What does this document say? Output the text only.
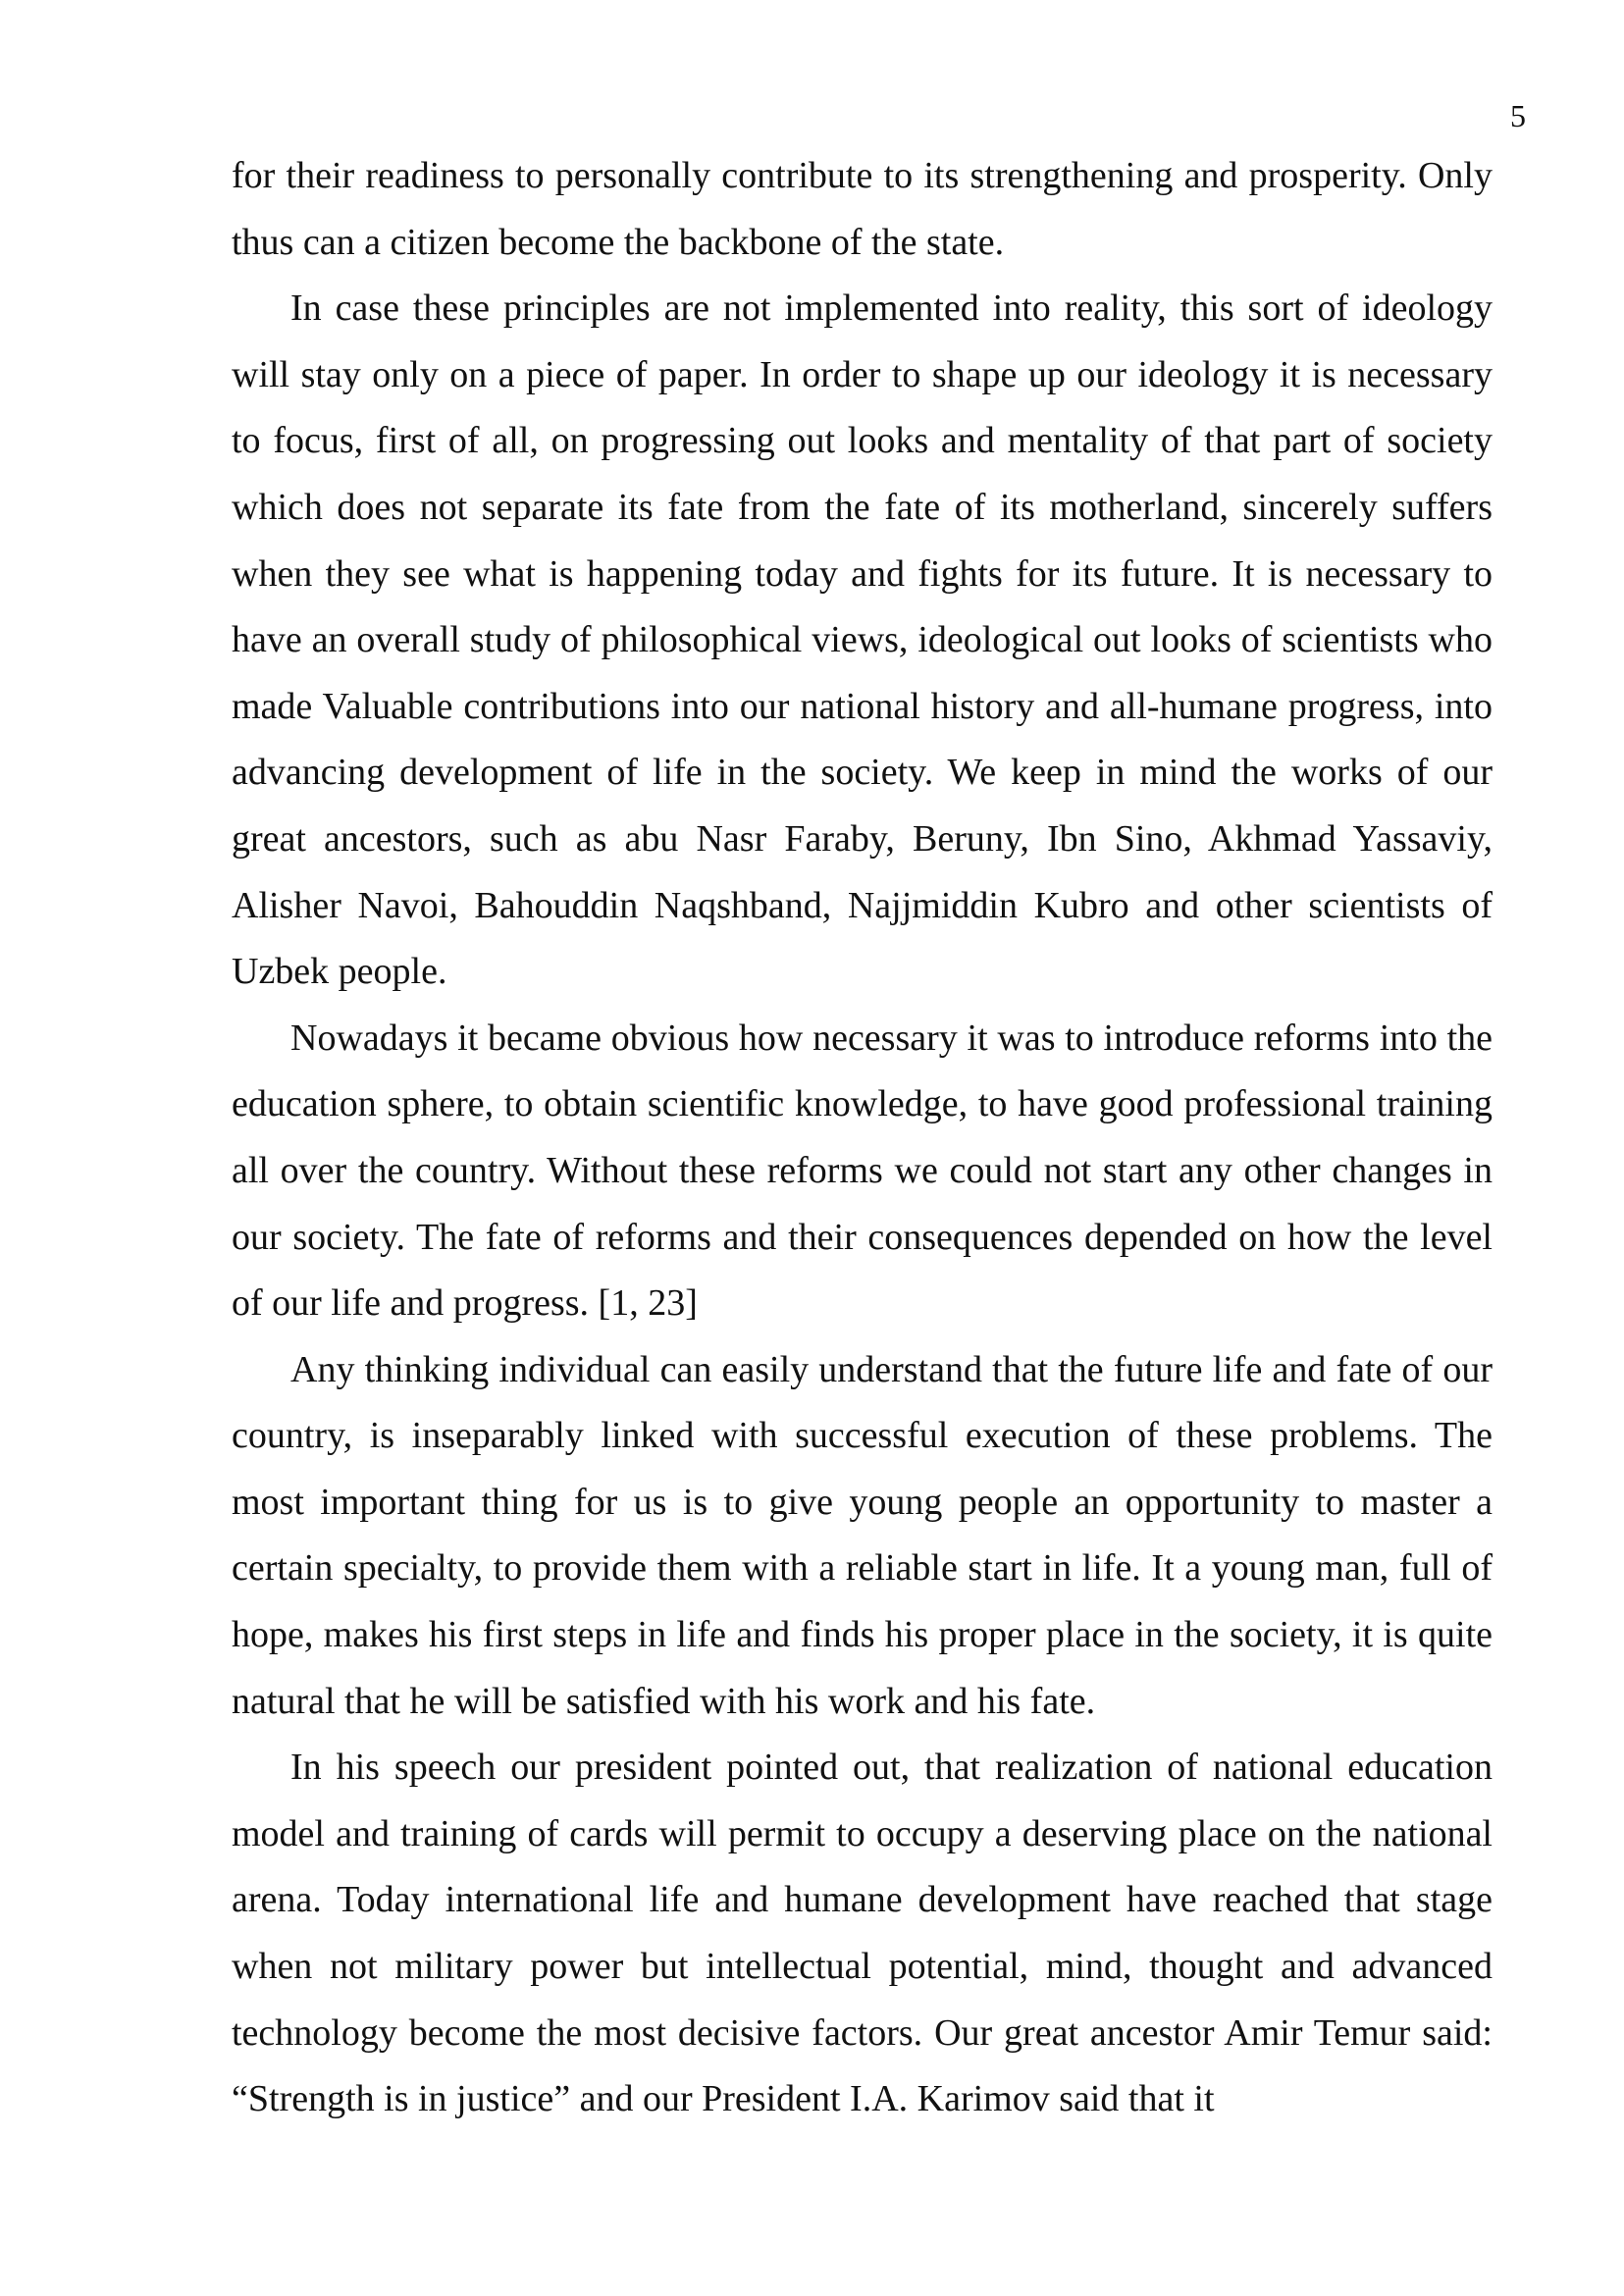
5

for their readiness to personally contribute to its strengthening and prosperity. Only thus can a citizen become the backbone of the state.

In case these principles are not implemented into reality, this sort of ideology will stay only on a piece of paper. In order to shape up our ideology it is necessary to focus, first of all, on progressing out looks and mentality of that part of society which does not separate its fate from the fate of its motherland, sincerely suffers when they see what is happening today and fights for its future. It is necessary to have an overall study of philosophical views, ideological out looks of scientists who made Valuable contributions into our national history and all-humane progress, into advancing development of life in the society. We keep in mind the works of our great ancestors, such as abu Nasr Faraby, Beruny, Ibn Sino, Akhmad Yassaviy, Alisher Navoi, Bahouddin Naqshband, Najjmiddin Kubro and other scientists of Uzbek people.

Nowadays it became obvious how necessary it was to introduce reforms into the education sphere, to obtain scientific knowledge, to have good professional training all over the country. Without these reforms we could not start any other changes in our society. The fate of reforms and their consequences depended on how the level of our life and progress. [1, 23]

Any thinking individual can easily understand that the future life and fate of our country, is inseparably linked with successful execution of these problems. The most important thing for us is to give young people an opportunity to master a certain specialty, to provide them with a reliable start in life. It a young man, full of hope, makes his first steps in life and finds his proper place in the society, it is quite natural that he will be satisfied with his work and his fate.

In his speech our president pointed out, that realization of national education model and training of cards will permit to occupy a deserving place on the national arena. Today international life and humane development have reached that stage when not military power but intellectual potential, mind, thought and advanced technology become the most decisive factors. Our great ancestor Amir Temur said: “Strength is in justice” and our President I.A. Karimov said that it
